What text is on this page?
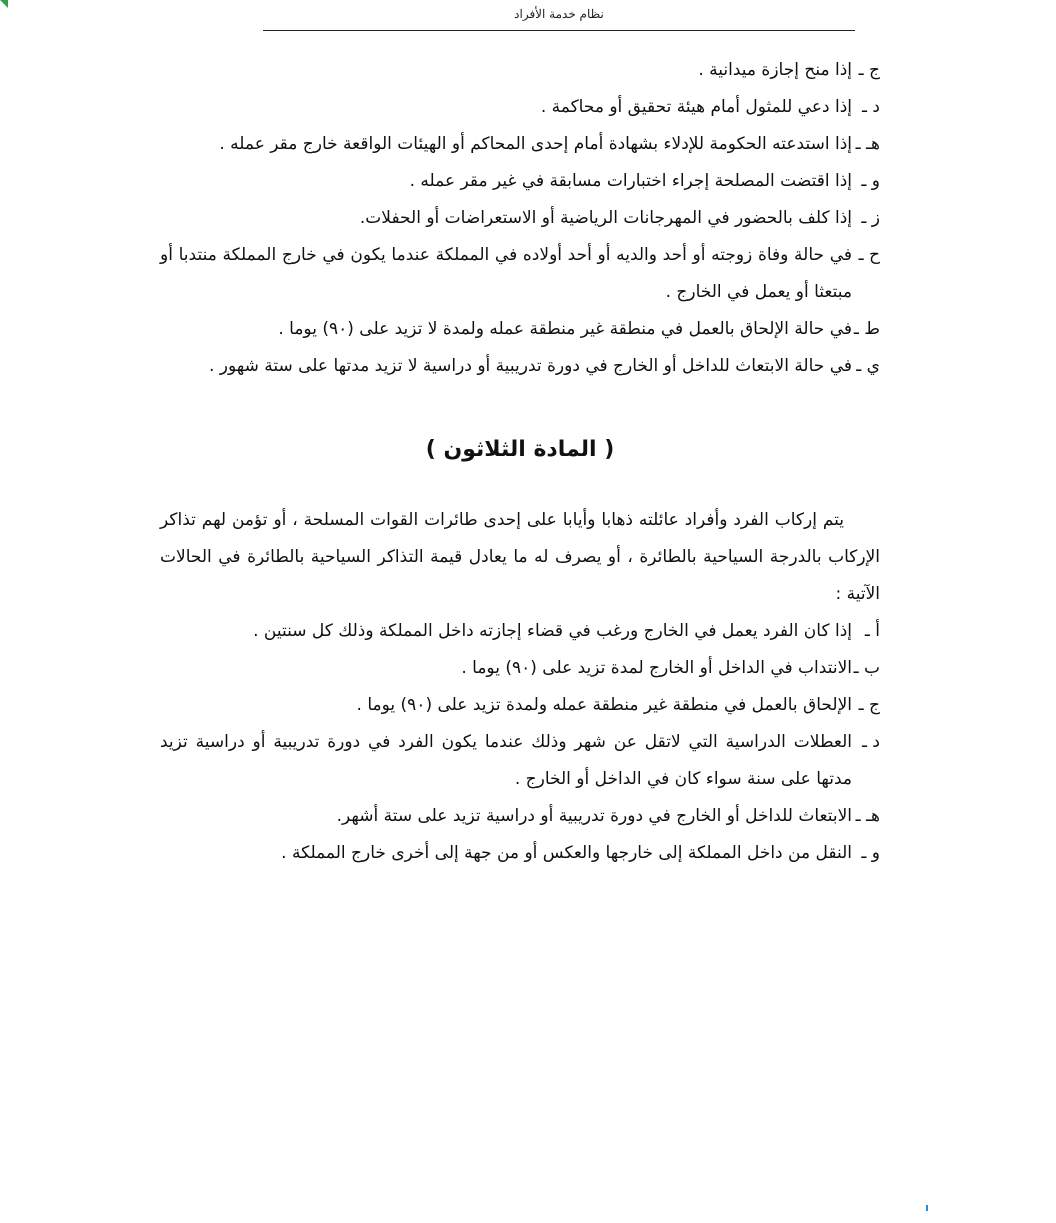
نظام خدمة الأفراد
ج ـ
إذا منح إجازة ميدانية .
د ـ
إذا دعي للمثول أمام هيئة تحقيق أو محاكمة .
هـ ـ
إذا استدعته الحكومة للإدلاء بشهادة أمام إحدى المحاكم أو الهيئات الواقعة خارج مقر عمله .
و ـ
إذا اقتضت المصلحة إجراء اختبارات مسابقة في غير مقر عمله .
ز ـ
إذا كلف بالحضور في المهرجانات الرياضية أو الاستعراضات أو الحفلات.
ح ـ
في حالة وفاة زوجته أو أحد والديه أو أحد أولاده في المملكة عندما يكون في خارج المملكة منتدبا أو مبتعثا أو يعمل في الخارج .
ط ـ
في حالة الإلحاق بالعمل في منطقة غير منطقة عمله ولمدة لا تزيد على (٩٠) يوما .
ي ـ
في حالة الابتعاث للداخل أو الخارج في دورة تدريبية أو دراسية لا تزيد مدتها على ستة شهور .
( المادة الثلاثون )
يتم إركاب الفرد وأفراد عائلته ذهابا وأيابا على إحدى طائرات القوات المسلحة ، أو تؤمن لهم تذاكر الإركاب بالدرجة السياحية بالطائرة ، أو يصرف له ما يعادل قيمة التذاكر السياحية بالطائرة في الحالات الآتية :
أ ـ
إذا كان الفرد يعمل في الخارج ورغب في قضاء إجازته داخل المملكة وذلك كل سنتين .
ب ـ
الانتداب في الداخل أو الخارج لمدة تزيد على (٩٠) يوما .
ج ـ
الإلحاق بالعمل في منطقة غير منطقة عمله ولمدة تزيد على (٩٠) يوما .
د ـ
العطلات الدراسية التي لاتقل عن شهر وذلك عندما يكون الفرد في دورة تدريبية أو دراسية تزيد مدتها على سنة سواء كان في الداخل أو الخارج .
هـ ـ
الابتعاث للداخل أو الخارج في دورة تدريبية أو دراسية تزيد على ستة أشهر.
و ـ
النقل من داخل المملكة إلى خارجها والعكس أو من جهة إلى أخرى خارج المملكة .
